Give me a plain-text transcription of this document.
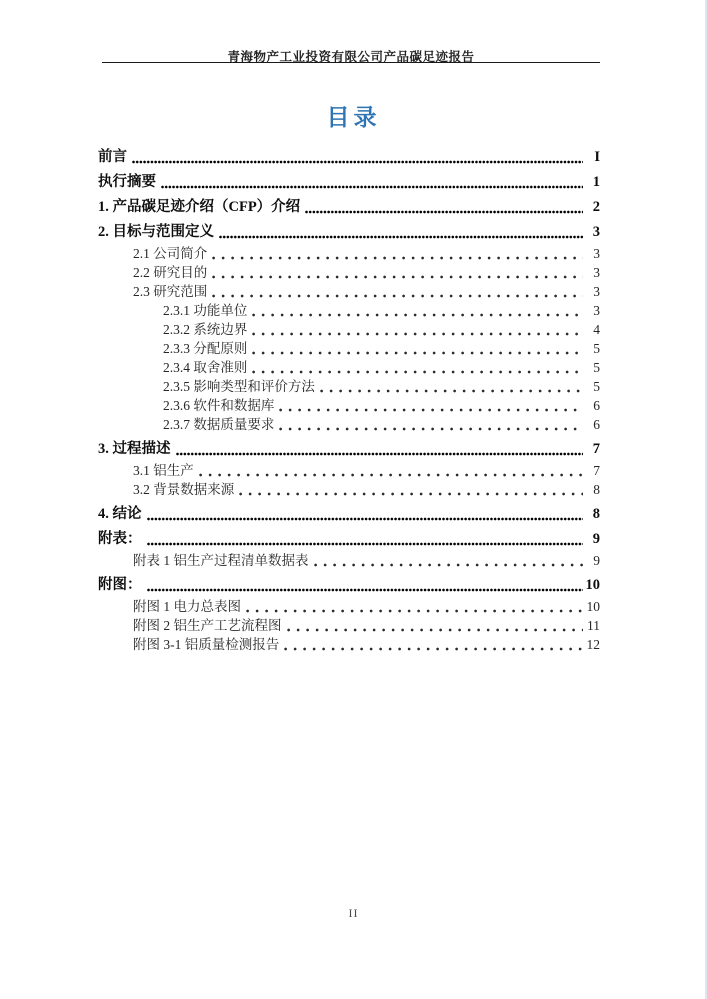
青海物产工业投资有限公司产品碳足迹报告
目录
前言	I
执行摘要	1
1. 产品碳足迹介绍（CFP）介绍	2
2. 目标与范围定义	3
2.1 公司简介	3
2.2 研究目的	3
2.3 研究范围	3
2.3.1 功能单位	3
2.3.2 系统边界	4
2.3.3 分配原则	5
2.3.4 取舍准则	5
2.3.5 影响类型和评价方法	5
2.3.6 软件和数据库	6
2.3.7 数据质量要求	6
3. 过程描述	7
3.1 铝生产	7
3.2 背景数据来源	8
4. 结论	8
附表：	9
附表 1 铝生产过程清单数据表	9
附图：	10
附图 1 电力总表图	10
附图 2 铝生产工艺流程图	11
附图 3-1 铝质量检测报告	12
II
